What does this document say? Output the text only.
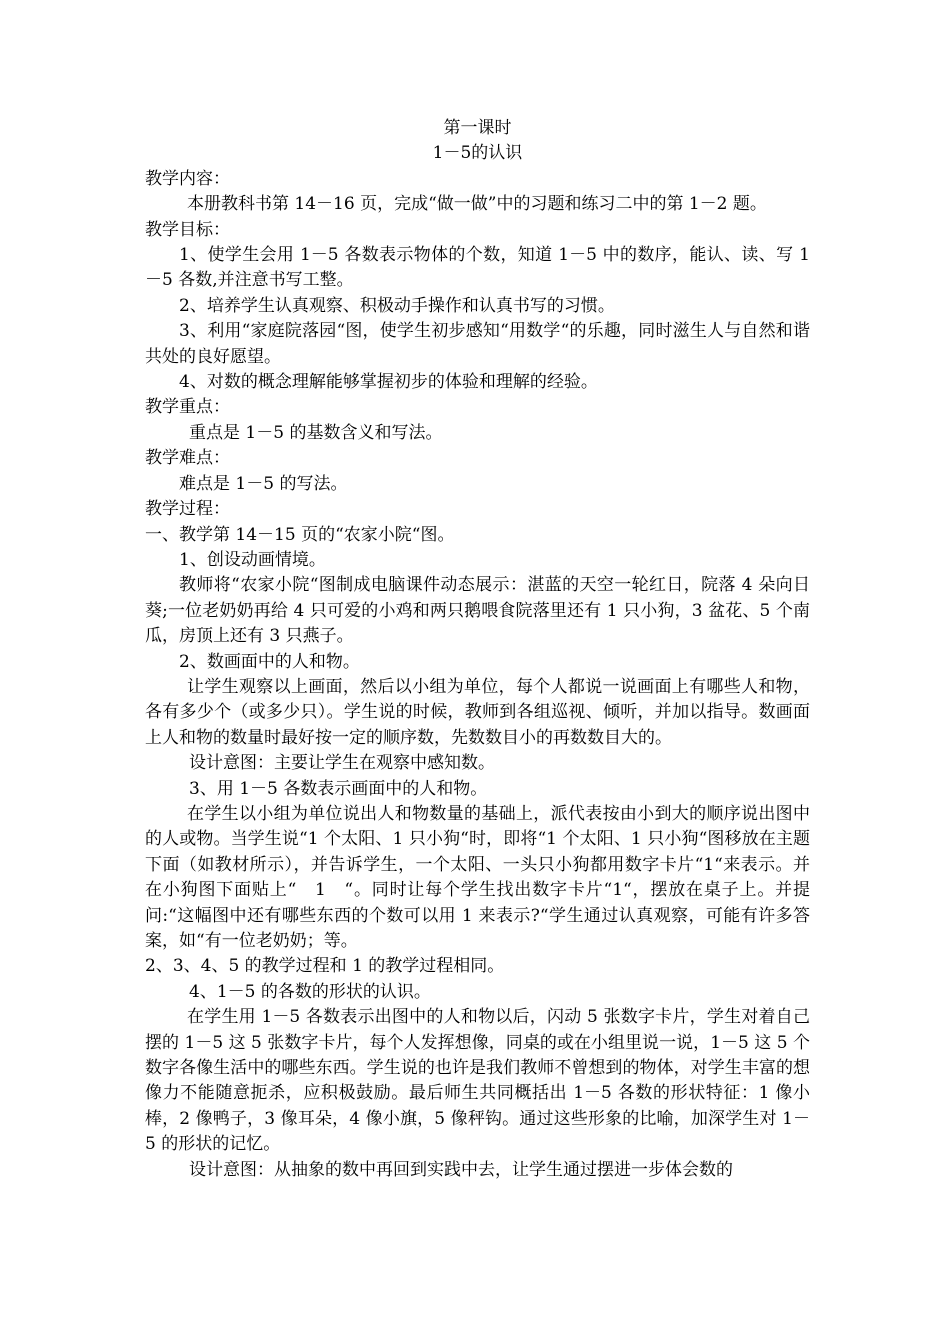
第一课时

1－5的认识

教学内容：

本册教科书第 14－16 页，完成“做一做”中的习题和练习二中的第 1－2 题。

教学目标：

1、使学生会用 1－5 各数表示物体的个数，知道 1－5 中的数序，能认、读、写 1－5 各数,并注意书写工整。

2、培养学生认真观察、积极动手操作和认真书写的习惯。

3、利用“家庭院落园“图，使学生初步感知“用数学“的乐趣，同时滋生人与自然和谐共处的良好愿望。

4、对数的概念理解能够掌握初步的体验和理解的经验。

教学重点：

重点是 1－5 的基数含义和写法。

教学难点：

难点是 1－5 的写法。

教学过程：

一、教学第 14－15 页的“农家小院“图。

1、创设动画情境。

教师将“农家小院“图制成电脑课件动态展示：湛蓝的天空一轮红日，院落 4 朵向日葵;一位老奶奶再给 4 只可爱的小鸡和两只鹅喂食院落里还有 1 只小狗，3 盆花、5 个南瓜，房顶上还有 3 只燕子。

2、数画面中的人和物。

让学生观察以上画面，然后以小组为单位，每个人都说一说画面上有哪些人和物，各有多少个（或多少只）。学生说的时候，教师到各组巡视、倾听，并加以指导。数画面上人和物的数量时最好按一定的顺序数，先数数目小的再数数目大的。

设计意图：主要让学生在观察中感知数。

3、用 1－5 各数表示画面中的人和物。

在学生以小组为单位说出人和物数量的基础上，派代表按由小到大的顺序说出图中的人或物。当学生说“1 个太阳、1 只小狗“时，即将“1 个太阳、1 只小狗“图移放在主题下面（如教材所示），并告诉学生，一个太阳、一头只小狗都用数字卡片“1“来表示。并在小狗图下面贴上“　1　“。同时让每个学生找出数字卡片“1“，摆放在桌子上。并提问:“这幅图中还有哪些东西的个数可以用 1 来表示?“学生通过认真观察，可能有许多答案，如“有一位老奶奶；等。

2、3、4、5 的教学过程和 1 的教学过程相同。

4、1－5 的各数的形状的认识。

在学生用 1－5 各数表示出图中的人和物以后，闪动 5 张数字卡片，学生对着自己摆的 1－5 这 5 张数字卡片，每个人发挥想像，同桌的或在小组里说一说，1－5 这 5 个数字各像生活中的哪些东西。学生说的也许是我们教师不曾想到的物体，对学生丰富的想像力不能随意扼杀，应积极鼓励。最后师生共同概括出 1－5 各数的形状特征：1 像小棒，2 像鸭子，3 像耳朵，4 像小旗，5 像秤钩。通过这些形象的比喻，加深学生对 1－5 的形状的记忆。

设计意图：从抽象的数中再回到实践中去，让学生通过摆进一步体会数的
